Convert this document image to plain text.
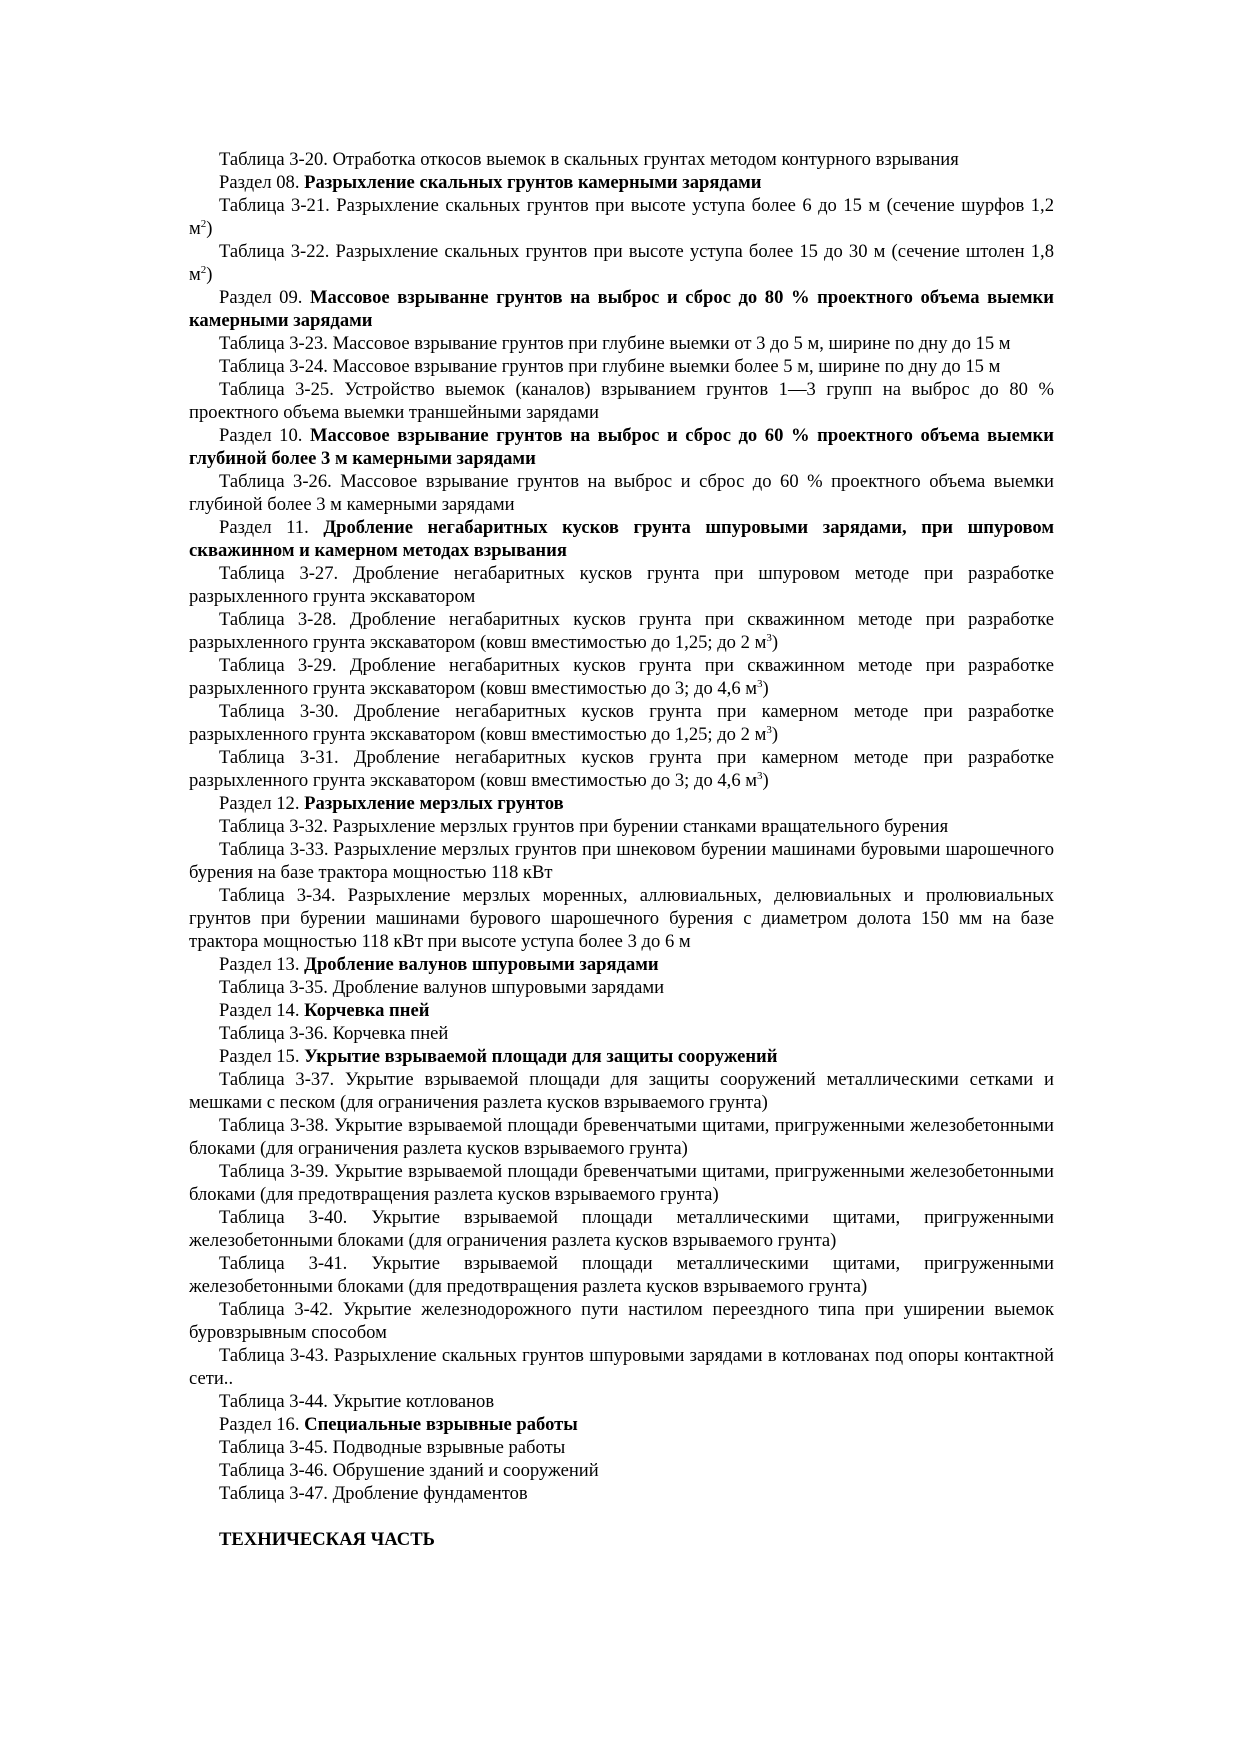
Таблица 3-20. Отработка откосов выемок в скальных грунтах методом контурного взрывания

Раздел 08. Разрыхление скальных грунтов камерными зарядами

Таблица 3-21. Разрыхление скальных грунтов при высоте уступа более 6 до 15 м (сечение шурфов 1,2 $м^2$)

Таблица 3-22. Разрыхление скальных грунтов при высоте уступа более 15 до 30 м (сечение штолен 1,8 $м^2$)

Раздел 09. Массовое взрыванне грунтов на выброс и сброс до 80 % проектного объема выемки камерными зарядами

Таблица 3-23. Массовое взрывание грунтов при глубине выемки от 3 до 5 м, ширине по дну до 15 м

Таблица 3-24. Массовое взрывание грунтов при глубине выемки более 5 м, ширине по дну до 15 м

Таблица 3-25. Устройство выемок (каналов) взрыванием грунтов 1—3 групп на выброс до 80 % проектного объема выемки траншейными зарядами

Раздел 10. Массовое взрывание грунтов на выброс и сброс до 60 % проектного объема выемки глубиной более 3 м камерными зарядами

Таблица 3-26. Массовое взрывание грунтов на выброс и сброс до 60 % проектного объема выемки глубиной более 3 м камерными зарядами

Раздел 11. Дробление негабаритных кусков грунта шпуровыми зарядами, при шпуровом скважинном и камерном методах взрывания

Таблица 3-27. Дробление негабаритных кусков грунта при шпуровом методе при разработке разрыхленного грунта экскаватором

Таблица 3-28. Дробление негабаритных кусков грунта при скважинном методе при разработке разрыхленного грунта экскаватором (ковш вместимостью до 1,25; до 2 $м^3$)

Таблица 3-29. Дробление негабаритных кусков грунта при скважинном методе при разработке разрыхленного грунта экскаватором (ковш вместимостью до 3; до 4,6 $м^3$)

Таблица 3-30. Дробление негабаритных кусков грунта при камерном методе при разработке разрыхленного грунта экскаватором (ковш вместимостью до 1,25; до 2 $м^3$)

Таблица 3-31. Дробление негабаритных кусков грунта при камерном методе при разработке разрыхленного грунта экскаватором (ковш вместимостью до 3; до 4,6 $м^3$)

Раздел 12. Разрыхление мерзлых грунтов

Таблица 3-32. Разрыхление мерзлых грунтов при бурении станками вращательного бурения

Таблица 3-33. Разрыхление мерзлых грунтов при шнековом бурении машинами буровыми шарошечного бурения на базе трактора мощностью 118 кВт

Таблица 3-34. Разрыхление мерзлых моренных, аллювиальных, делювиальных и пролювиальных грунтов при бурении машинами бурового шарошечного бурения с диаметром долота 150 мм на базе трактора мощностью 118 кВт при высоте уступа более 3 до 6 м

Раздел 13. Дробление валунов шпуровыми зарядами

Таблица 3-35. Дробление валунов шпуровыми зарядами

Раздел 14. Корчевка пней

Таблица 3-36. Корчевка пней

Раздел 15. Укрытие взрываемой площади для защиты сооружений

Таблица 3-37. Укрытие взрываемой площади для защиты сооружений металлическими сетками и мешками с песком (для ограничения разлета кусков взрываемого грунта)

Таблица 3-38. Укрытие взрываемой площади бревенчатыми щитами, пригруженными железобетонными блоками (для ограничения разлета кусков взрываемого грунта)

Таблица 3-39. Укрытие взрываемой площади бревенчатыми щитами, пригруженными железобетонными блоками (для предотвращения разлета кусков взрываемого грунта)

Таблица 3-40. Укрытие взрываемой площади металлическими щитами, пригруженными железобетонными блоками (для ограничения разлета кусков взрываемого грунта)

Таблица 3-41. Укрытие взрываемой площади металлическими щитами, пригруженными железобетонными блоками (для предотвращения разлета кусков взрываемого грунта)

Таблица 3-42. Укрытие железнодорожного пути настилом переездного типа при уширении выемок буровзрывным способом

Таблица 3-43. Разрыхление скальных грунтов шпуровыми зарядами в котлованах под опоры контактной сети..

Таблица 3-44. Укрытие котлованов

Раздел 16. Специальные взрывные работы

Таблица 3-45. Подводные взрывные работы

Таблица 3-46. Обрушение зданий и сооружений

Таблица 3-47. Дробление фундаментов

ТЕХНИЧЕСКАЯ ЧАСТЬ
